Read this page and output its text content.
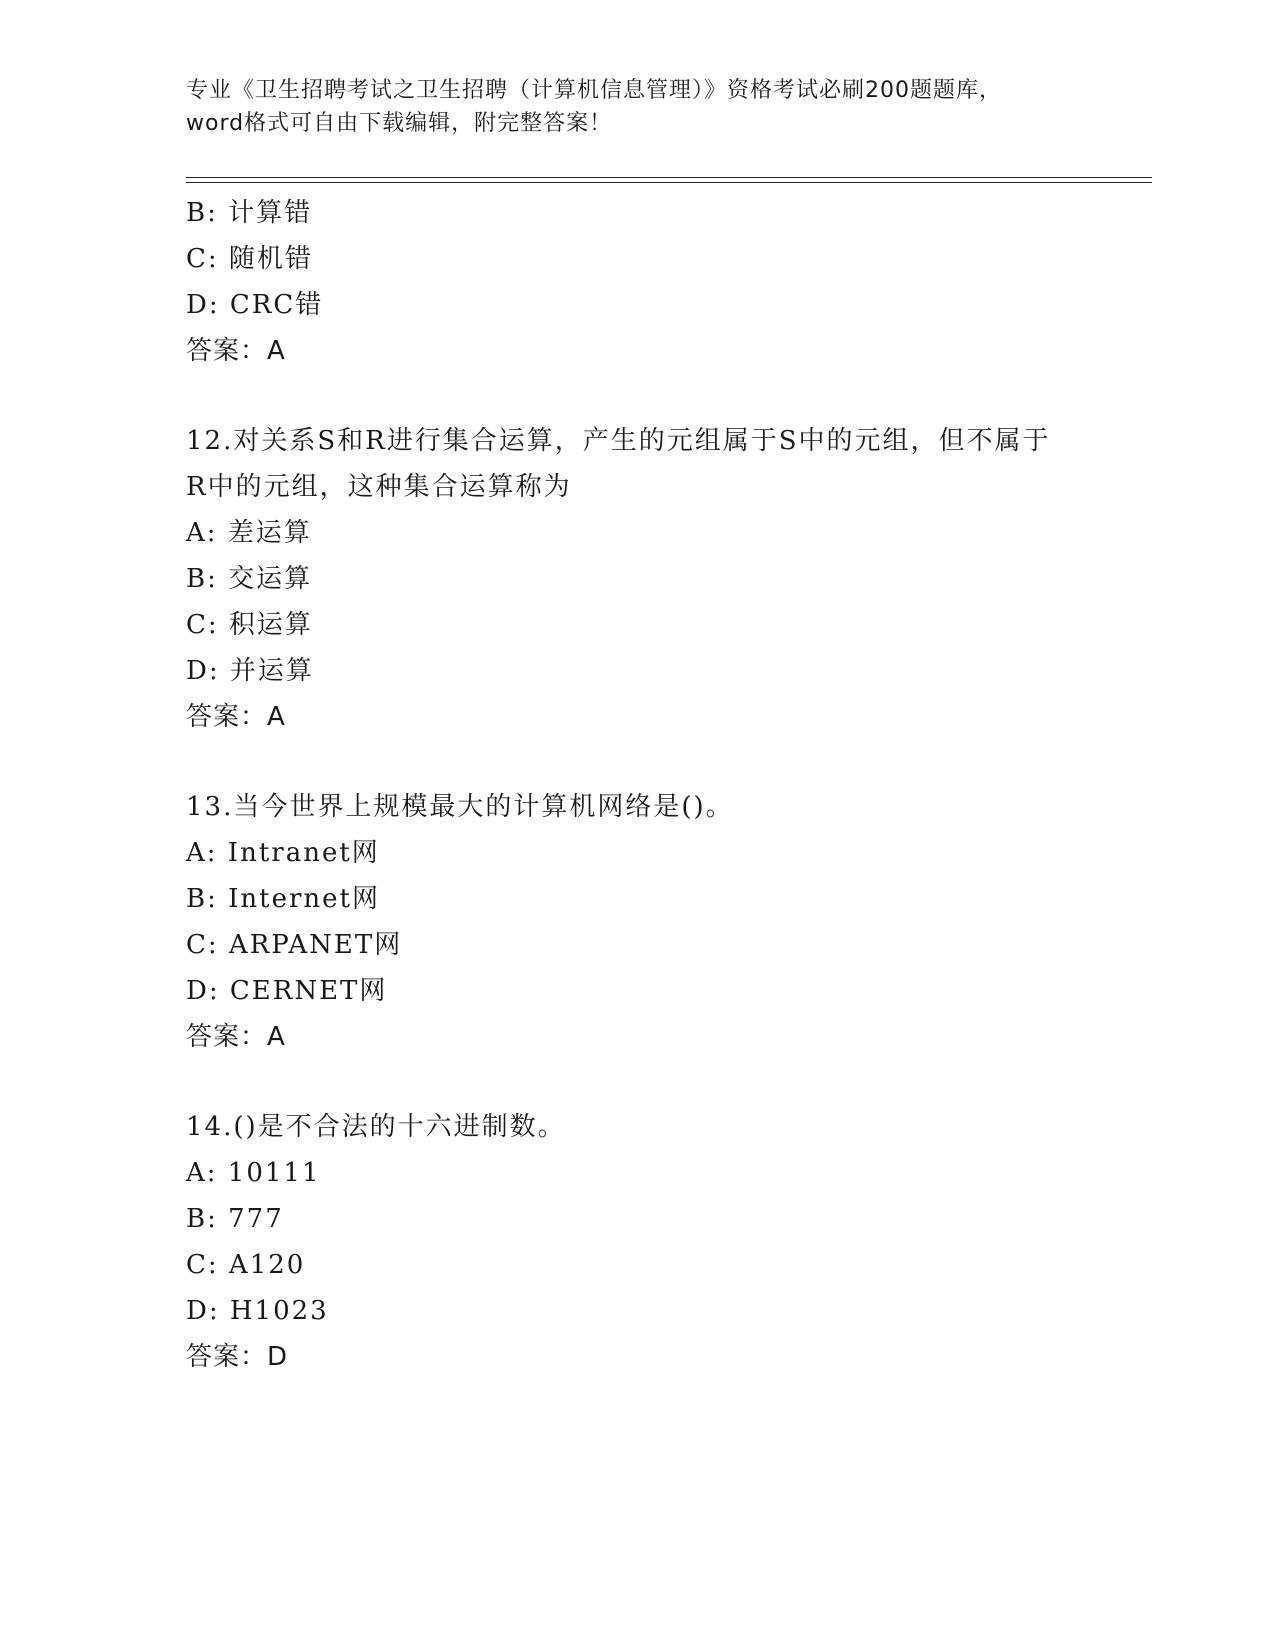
专业《卫生招聘考试之卫生招聘（计算机信息管理）》资格考试必刷200题题库，
word格式可自由下载编辑，附完整答案！
B: 计算错
C: 随机错
D: CRC错
答案：A
12.对关系S和R进行集合运算，产生的元组属于S中的元组，但不属于R中的元组，这种集合运算称为
A: 差运算
B: 交运算
C: 积运算
D: 并运算
答案：A
13.当今世界上规模最大的计算机网络是()。
A: Intranet网
B: Internet网
C: ARPANET网
D: CERNET网
答案：A
14.()是不合法的十六进制数。
A: 10111
B: 777
C: A120
D: H1023
答案：D
